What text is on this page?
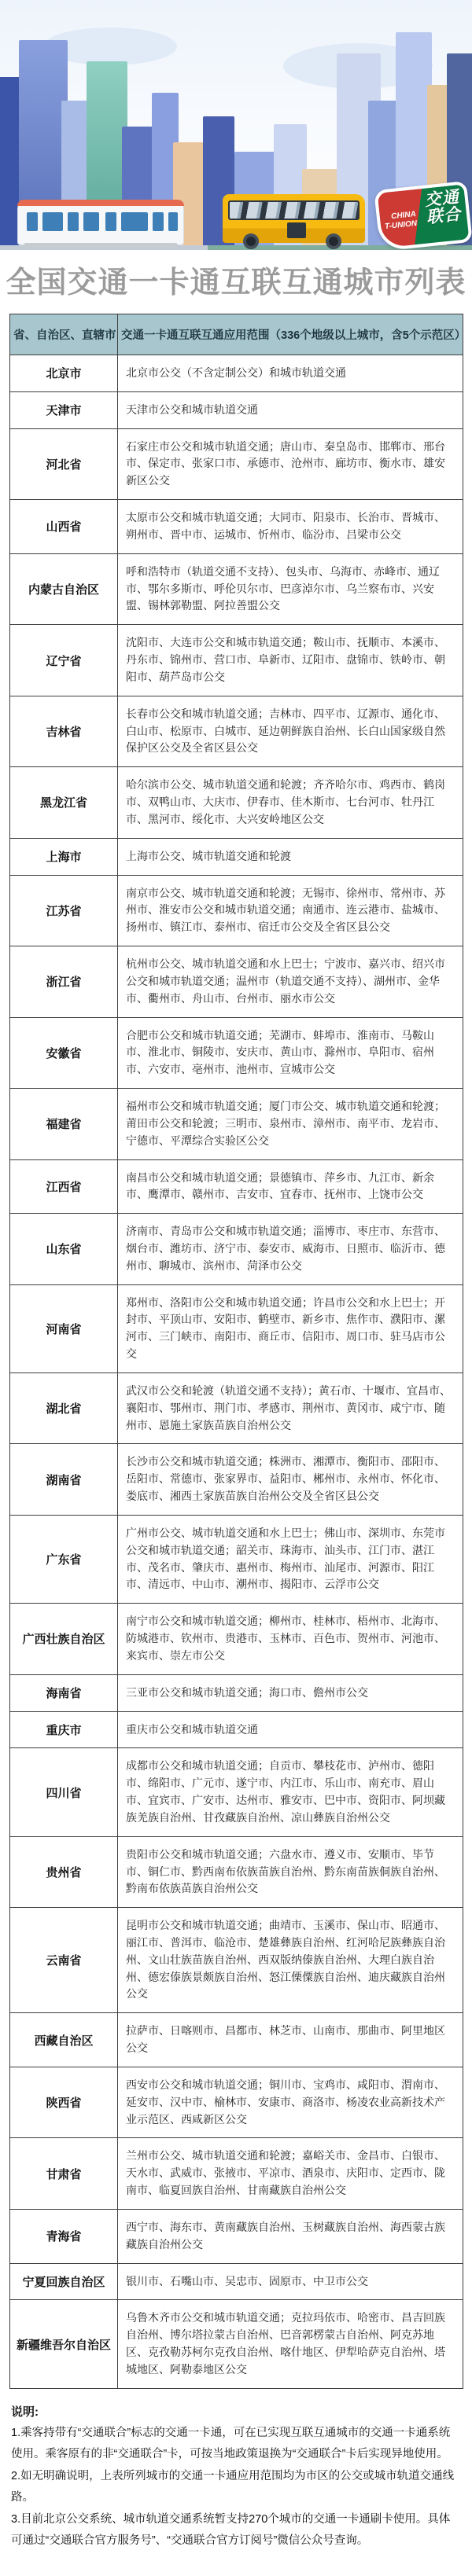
交通
联合
CHINA
T-UNION
全国交通一卡通互联互通城市列表
省、自治区、直辖市	交通一卡通互联互通应用范围（336个地级以上城市，含5个示范区）
北京市	北京市公交（不含定制公交）和城市轨道交通
天津市	天津市公交和城市轨道交通
河北省	石家庄市公交和城市轨道交通；唐山市、秦皇岛市、邯郸市、邢台市、保定市、张家口市、承德市、沧州市、廊坊市、衡水市、雄安新区公交
山西省	太原市公交和城市轨道交通；大同市、阳泉市、长治市、晋城市、朔州市、晋中市、运城市、忻州市、临汾市、吕梁市公交
内蒙古自治区	呼和浩特市（轨道交通不支持）、包头市、乌海市、赤峰市、通辽市、鄂尔多斯市、呼伦贝尔市、巴彦淖尔市、乌兰察布市、兴安盟、锡林郭勒盟、阿拉善盟公交
辽宁省	沈阳市、大连市公交和城市轨道交通；鞍山市、抚顺市、本溪市、丹东市、锦州市、营口市、阜新市、辽阳市、盘锦市、铁岭市、朝阳市、葫芦岛市公交
吉林省	长春市公交和城市轨道交通；吉林市、四平市、辽源市、通化市、白山市、松原市、白城市、延边朝鲜族自治州、长白山国家级自然保护区公交及全省区县公交
黑龙江省	哈尔滨市公交、城市轨道交通和轮渡；齐齐哈尔市、鸡西市、鹤岗市、双鸭山市、大庆市、伊春市、佳木斯市、七台河市、牡丹江市、黑河市、绥化市、大兴安岭地区公交
上海市	上海市公交、城市轨道交通和轮渡
江苏省	南京市公交、城市轨道交通和轮渡；无锡市、徐州市、常州市、苏州市、淮安市公交和城市轨道交通；南通市、连云港市、盐城市、扬州市、镇江市、泰州市、宿迁市公交及全省区县公交
浙江省	杭州市公交、城市轨道交通和水上巴士；宁波市、嘉兴市、绍兴市公交和城市轨道交通；温州市（轨道交通不支持）、湖州市、金华市、衢州市、舟山市、台州市、丽水市公交
安徽省	合肥市公交和城市轨道交通；芜湖市、蚌埠市、淮南市、马鞍山市、淮北市、铜陵市、安庆市、黄山市、滁州市、阜阳市、宿州市、六安市、亳州市、池州市、宣城市公交
福建省	福州市公交和城市轨道交通；厦门市公交、城市轨道交通和轮渡；莆田市公交和轮渡；三明市、泉州市、漳州市、南平市、龙岩市、宁德市、平潭综合实验区公交
江西省	南昌市公交和城市轨道交通；景德镇市、萍乡市、九江市、新余市、鹰潭市、赣州市、吉安市、宜春市、抚州市、上饶市公交
山东省	济南市、青岛市公交和城市轨道交通；淄博市、枣庄市、东营市、烟台市、潍坊市、济宁市、泰安市、威海市、日照市、临沂市、德州市、聊城市、滨州市、菏泽市公交
河南省	郑州市、洛阳市公交和城市轨道交通；许昌市公交和水上巴士；开封市、平顶山市、安阳市、鹤壁市、新乡市、焦作市、濮阳市、漯河市、三门峡市、南阳市、商丘市、信阳市、周口市、驻马店市公交
湖北省	武汉市公交和轮渡（轨道交通不支持）；黄石市、十堰市、宜昌市、襄阳市、鄂州市、荆门市、孝感市、荆州市、黄冈市、咸宁市、随州市、恩施土家族苗族自治州公交
湖南省	长沙市公交和城市轨道交通；株洲市、湘潭市、衡阳市、邵阳市、岳阳市、常德市、张家界市、益阳市、郴州市、永州市、怀化市、娄底市、湘西土家族苗族自治州公交及全省区县公交
广东省	广州市公交、城市轨道交通和水上巴士；佛山市、深圳市、东莞市公交和城市轨道交通；韶关市、珠海市、汕头市、江门市、湛江市、茂名市、肇庆市、惠州市、梅州市、汕尾市、河源市、阳江市、清远市、中山市、潮州市、揭阳市、云浮市公交
广西壮族自治区	南宁市公交和城市轨道交通；柳州市、桂林市、梧州市、北海市、防城港市、钦州市、贵港市、玉林市、百色市、贺州市、河池市、来宾市、崇左市公交
海南省	三亚市公交和城市轨道交通；海口市、儋州市公交
重庆市	重庆市公交和城市轨道交通
四川省	成都市公交和城市轨道交通；自贡市、攀枝花市、泸州市、德阳市、绵阳市、广元市、遂宁市、内江市、乐山市、南充市、眉山市、宜宾市、广安市、达州市、雅安市、巴中市、资阳市、阿坝藏族羌族自治州、甘孜藏族自治州、凉山彝族自治州公交
贵州省	贵阳市公交和城市轨道交通；六盘水市、遵义市、安顺市、毕节市、铜仁市、黔西南布依族苗族自治州、黔东南苗族侗族自治州、黔南布依族苗族自治州公交
云南省	昆明市公交和城市轨道交通；曲靖市、玉溪市、保山市、昭通市、丽江市、普洱市、临沧市、楚雄彝族自治州、红河哈尼族彝族自治州、文山壮族苗族自治州、西双版纳傣族自治州、大理白族自治州、德宏傣族景颇族自治州、怒江傈僳族自治州、迪庆藏族自治州公交
西藏自治区	拉萨市、日喀则市、昌都市、林芝市、山南市、那曲市、阿里地区公交
陕西省	西安市公交和城市轨道交通；铜川市、宝鸡市、咸阳市、渭南市、延安市、汉中市、榆林市、安康市、商洛市、杨凌农业高新技术产业示范区、西咸新区公交
甘肃省	兰州市公交、城市轨道交通和轮渡；嘉峪关市、金昌市、白银市、天水市、武威市、张掖市、平凉市、酒泉市、庆阳市、定西市、陇南市、临夏回族自治州、甘南藏族自治州公交
青海省	西宁市、海东市、黄南藏族自治州、玉树藏族自治州、海西蒙古族藏族自治州公交
宁夏回族自治区	银川市、石嘴山市、吴忠市、固原市、中卫市公交
新疆维吾尔自治区	乌鲁木齐市公交和城市轨道交通；克拉玛依市、哈密市、昌吉回族自治州、博尔塔拉蒙古自治州、巴音郭楞蒙古自治州、阿克苏地区、克孜勒苏柯尔克孜自治州、喀什地区、伊犁哈萨克自治州、塔城地区、阿勒泰地区公交
说明:

1.乘客持带有“交通联合”标志的交通一卡通，可在已实现互联互通城市的交通一卡通系统使用。乘客原有的非“交通联合”卡，可按当地政策退换为“交通联合”卡后实现异地使用。

2.如无明确说明，上表所列城市的交通一卡通应用范围均为市区的公交或城市轨道交通线路。

3.目前北京公交系统、城市轨道交通系统暂支持270个城市的交通一卡通刷卡使用。具体可通过“交通联合官方服务号”、“交通联合官方订阅号”微信公众号查询。
